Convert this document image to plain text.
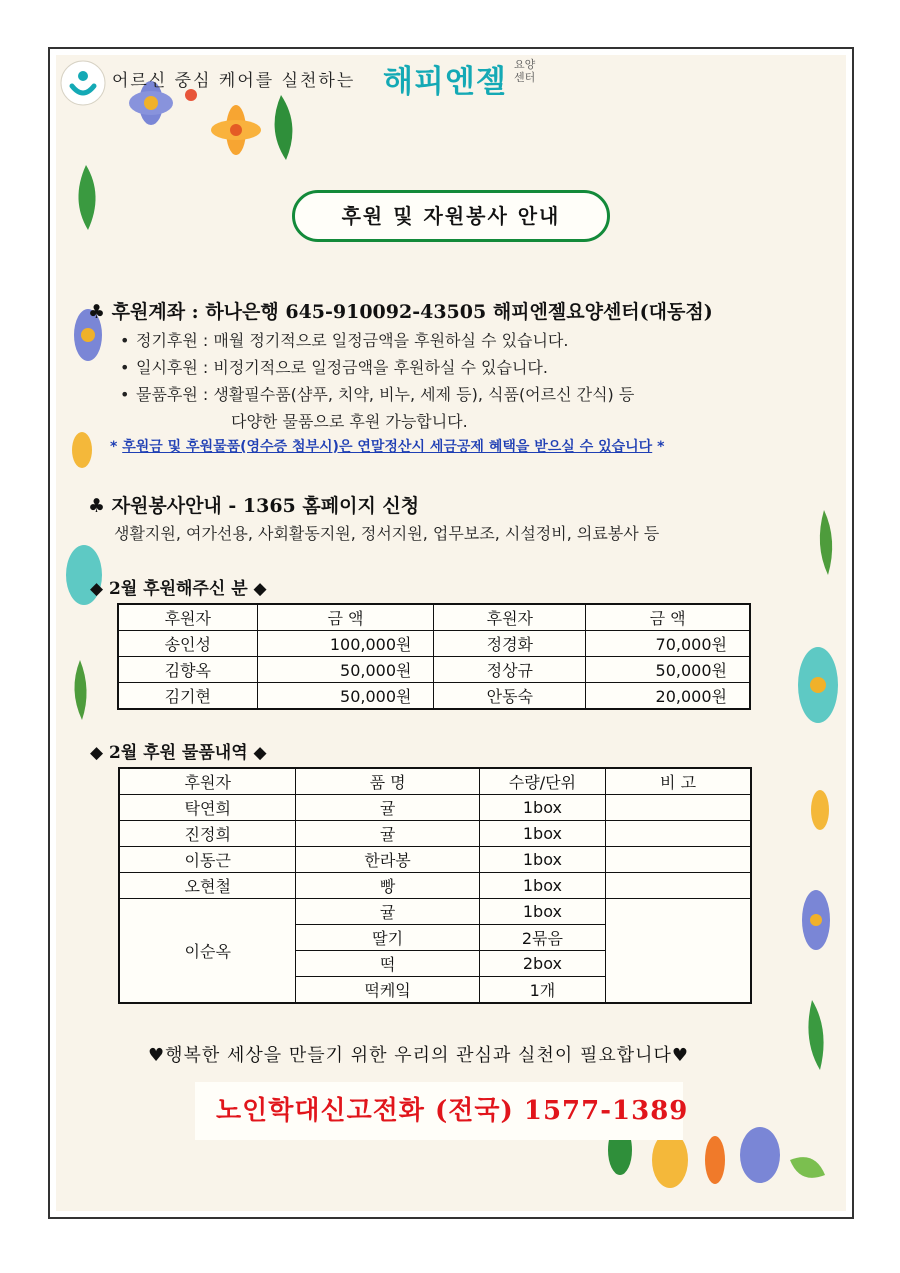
어르신 중심 케어를 실천하는 해피엔젤 요양
센터
후원 및 자원봉사 안내
♣ 후원계좌 : 하나은행 645-910092-43505 해피엔젤요양센터(대동점)
• 정기후원 : 매월 정기적으로 일정금액을 후원하실 수 있습니다.
• 일시후원 : 비정기적으로 일정금액을 후원하실 수 있습니다.
• 물품후원 : 생활필수품(샴푸, 치약, 비누, 세제 등), 식품(어르신 간식) 등
다양한 물품으로 후원 가능합니다.
* 후원금 및 후원물품(영수증 첨부시)은 연말정산시 세금공제 혜택을 받으실 수 있습니다 *
♣ 자원봉사안내 - 1365 홈페이지 신청
생활지원, 여가선용, 사회활동지원, 정서지원, 업무보조, 시설정비, 의료봉사 등
◆ 2월 후원해주신 분 ◆
후원자	금 액	후원자	금 액
송인성	100,000원	정경화	70,000원
김향옥	50,000원	정상규	50,000원
김기현	50,000원	안동숙	20,000원
◆ 2월 후원 물품내역 ◆
후원자	품 명	수량/단위	비 고
탁연희	귤	1box	
진정희	귤	1box	
이동근	한라봉	1box	
오현철	빵	1box	
이순옥	귤	1box	
	딸기	2묶음	
	떡	2box	
	떡케잌	1개	
♥행복한 세상을 만들기 위한 우리의 관심과 실천이 필요합니다♥
노인학대신고전화 (전국) 1577-1389
